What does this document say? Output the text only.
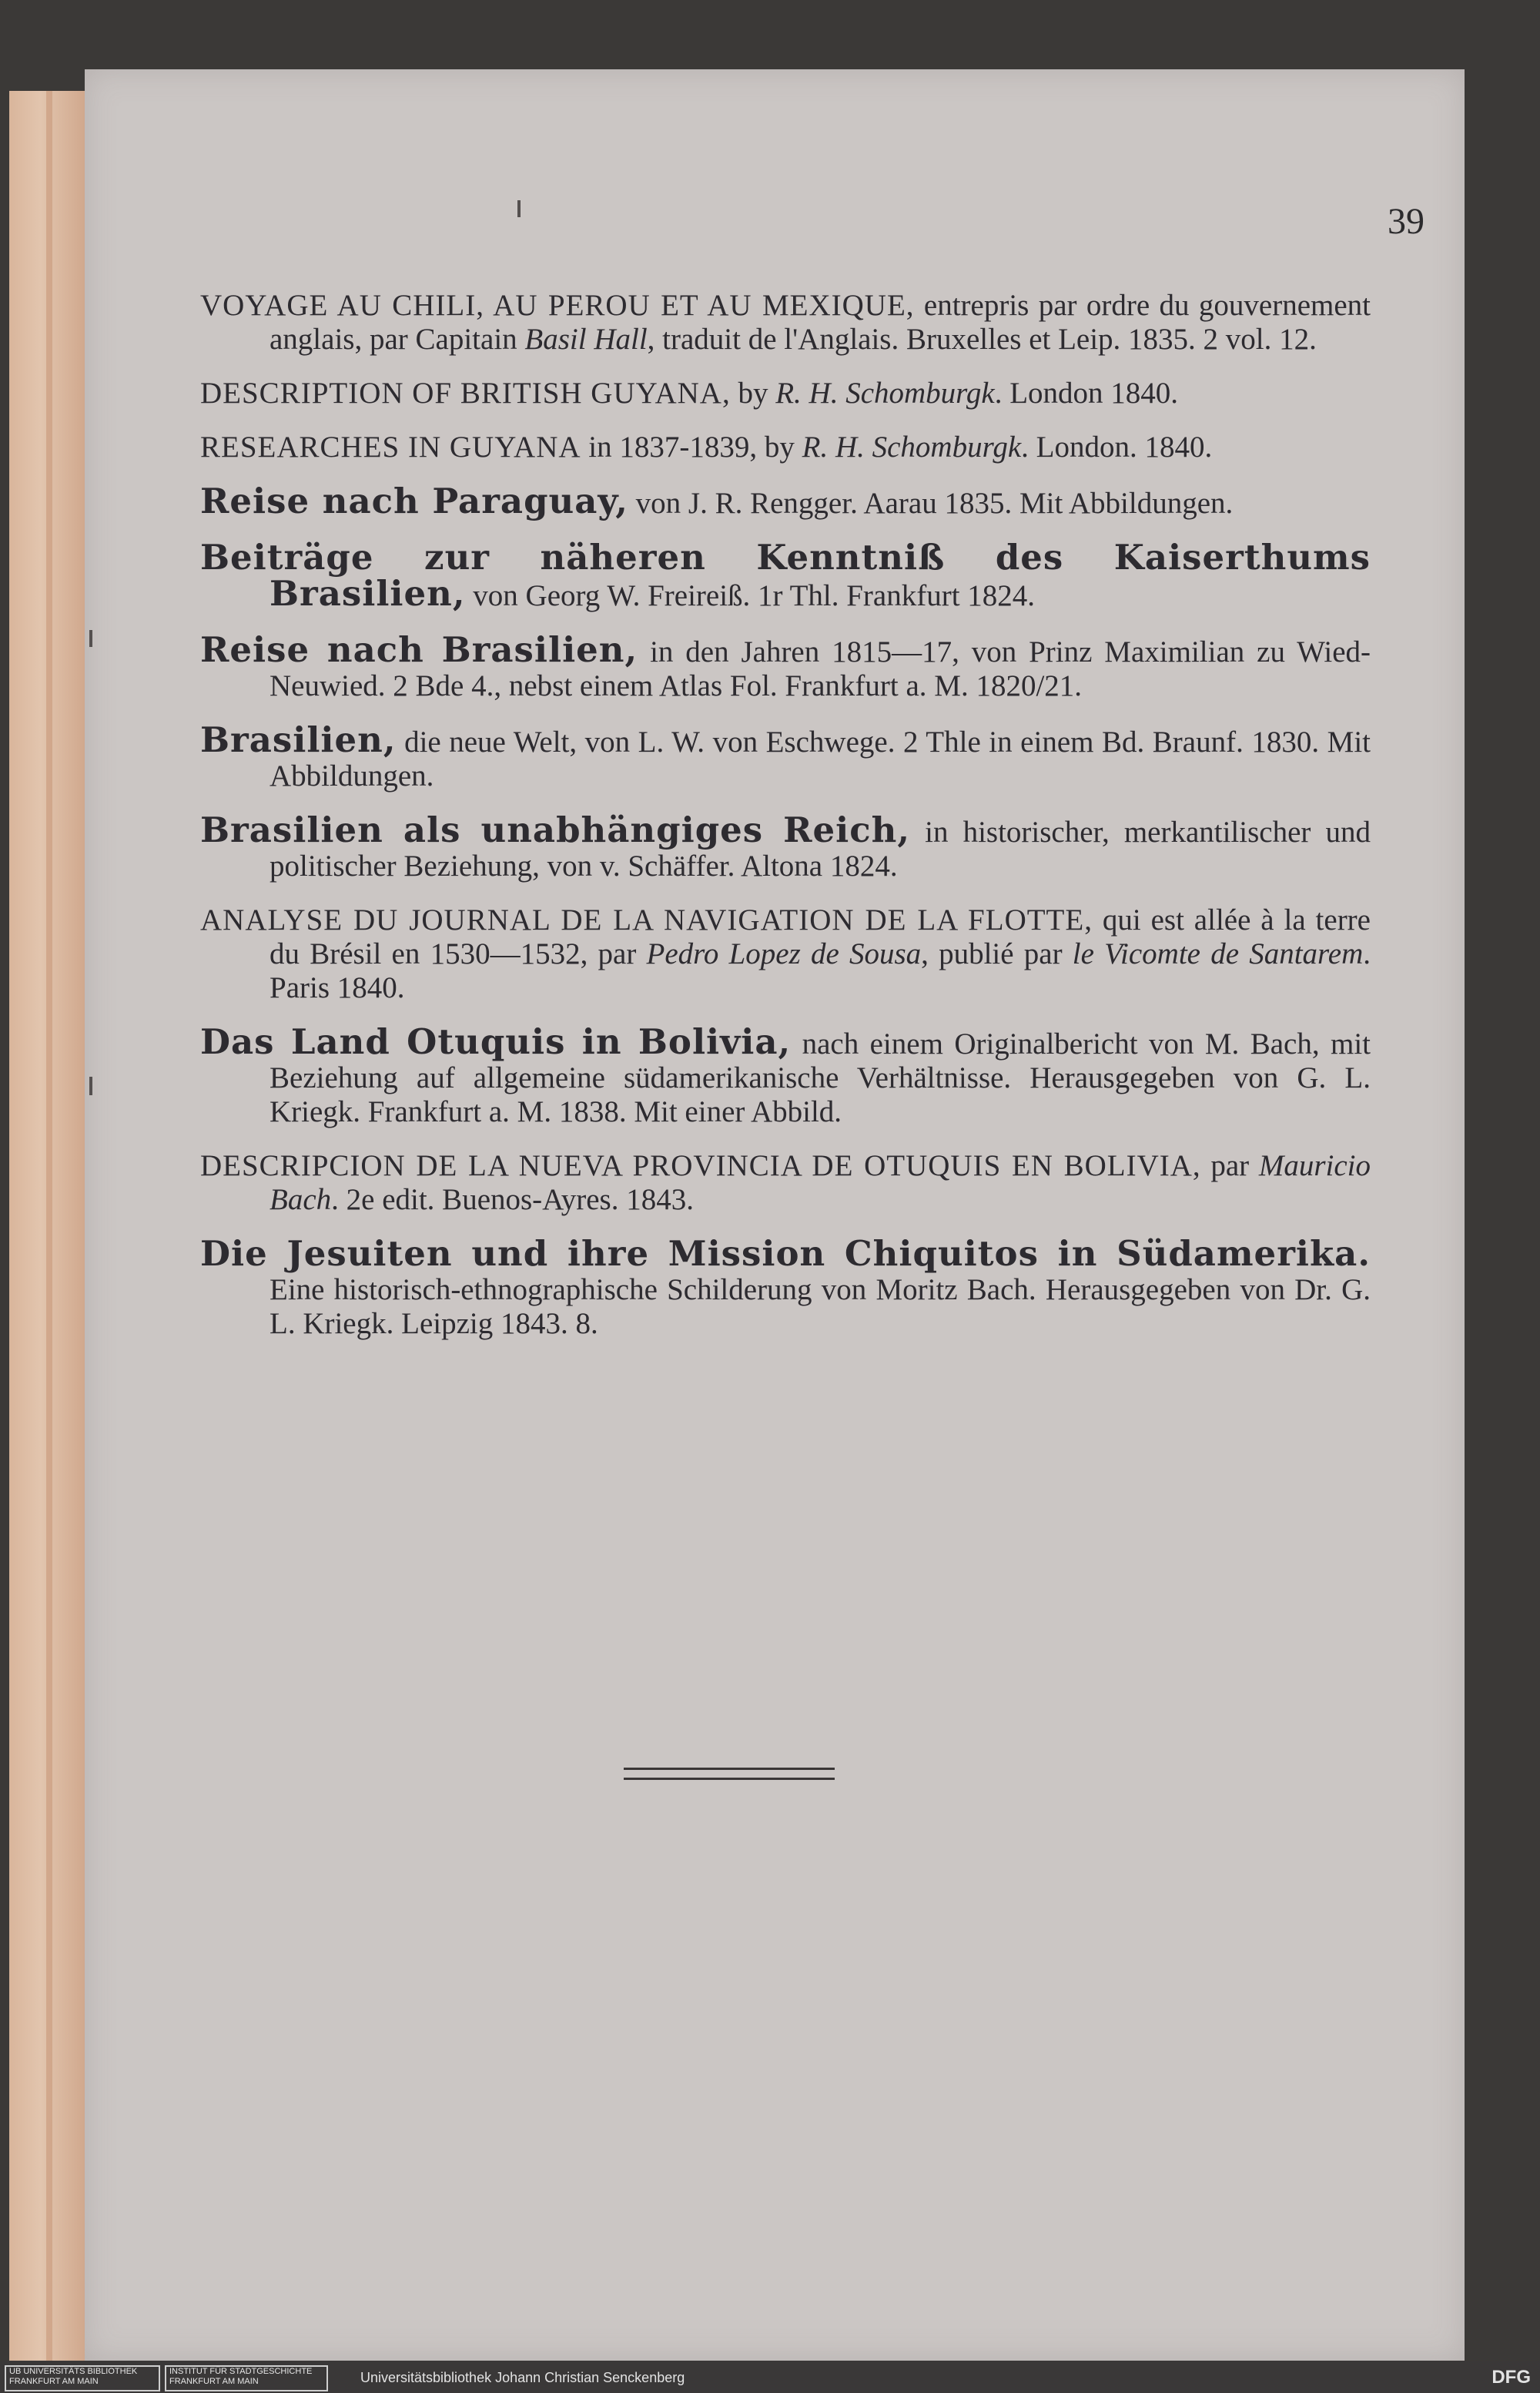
39
VOYAGE AU CHILI, AU PEROU ET AU MEXIQUE, entrepris par ordre du gouvernement anglais, par Capitain Basil Hall, traduit de l'Anglais. Bruxelles et Leip. 1835. 2 vol. 12.
DESCRIPTION OF BRITISH GUYANA, by R. H. Schomburgk. London 1840.
RESEARCHES IN GUYANA in 1837-1839, by R. H. Schomburgk. London. 1840.
Reise nach Paraguay, von J. R. Rengger. Aarau 1835. Mit Abbildungen.
Beiträge zur näheren Kenntniß des Kaiserthums Brasilien, von Georg W. Freireiß. 1r Thl. Frankfurt 1824.
Reise nach Brasilien, in den Jahren 1815—17, von Prinz Maximilian zu Wied-Neuwied. 2 Bde 4., nebst einem Atlas Fol. Frankfurt a. M. 1820/21.
Brasilien, die neue Welt, von L. W. von Eschwege. 2 Thle in einem Bd. Braunf. 1830. Mit Abbildungen.
Brasilien als unabhängiges Reich, in historischer, merkantilischer und politischer Beziehung, von v. Schäffer. Altona 1824.
ANALYSE DU JOURNAL DE LA NAVIGATION DE LA FLOTTE, qui est allée à la terre du Brésil en 1530—1532, par Pedro Lopez de Sousa, publié par le Vicomte de Santarem. Paris 1840.
Das Land Otuquis in Bolivia, nach einem Originalbericht von M. Bach, mit Beziehung auf allgemeine südamerikanische Verhältnisse. Herausgegeben von G. L. Kriegk. Frankfurt a. M. 1838. Mit einer Abbild.
DESCRIPCION DE LA NUEVA PROVINCIA DE OTUQUIS EN BOLIVIA, par Mauricio Bach. 2e edit. Buenos-Ayres. 1843.
Die Jesuiten und ihre Mission Chiquitos in Südamerika. Eine historisch-ethnographische Schilderung von Moritz Bach. Herausgegeben von Dr. G. L. Kriegk. Leipzig 1843. 8.
UB UNIVERSITÄTS BIBLIOTHEK FRANKFURT AM MAIN
INSTITUT FÜR STADTGESCHICHTE FRANKFURT AM MAIN	Universitätsbibliothek Johann Christian Senckenberg	DFG
